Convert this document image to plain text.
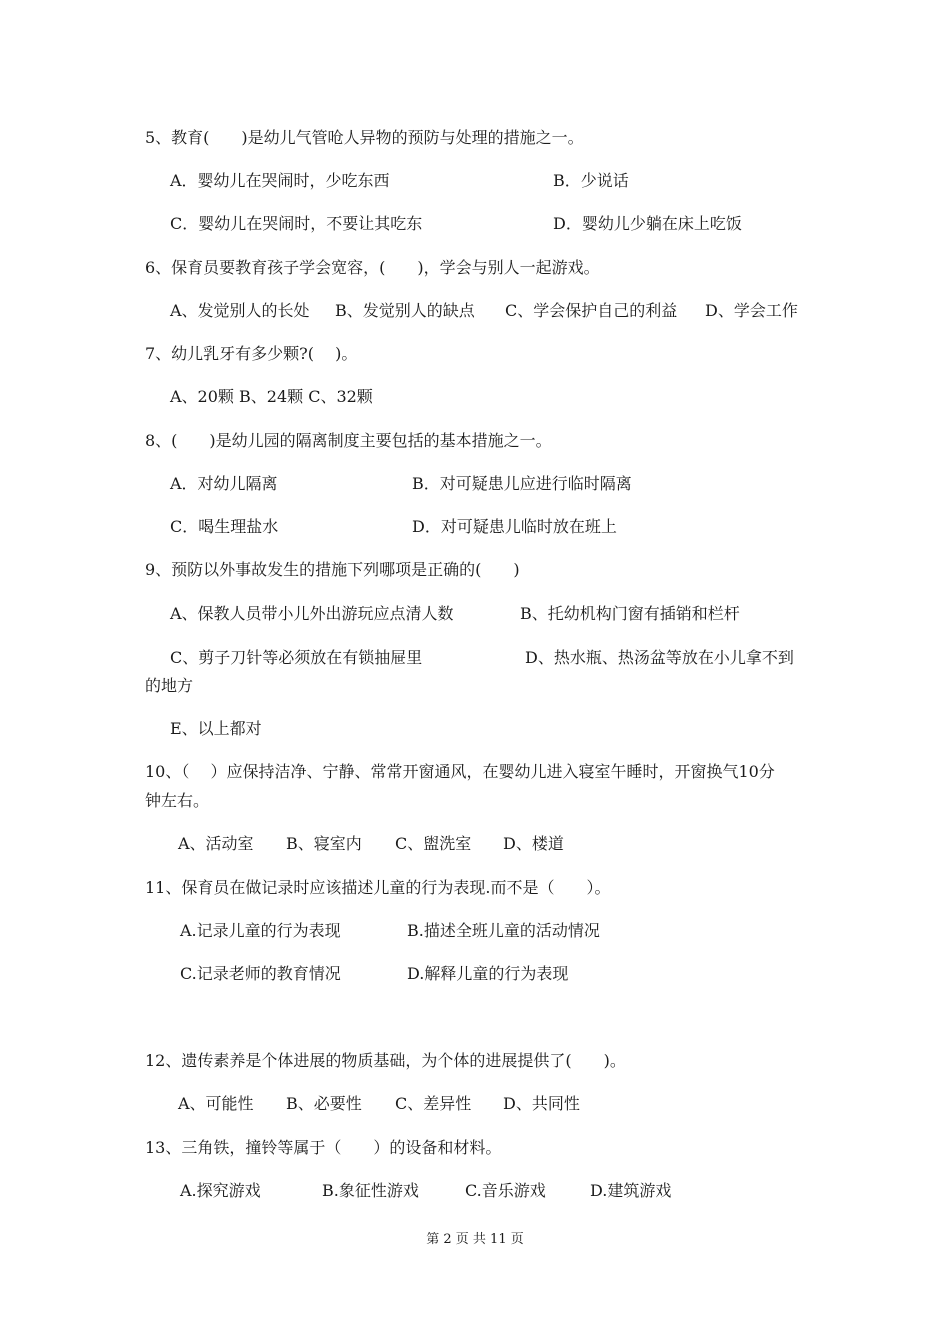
5、教育(　　)是幼儿气管呛人异物的预防与处理的措施之一。
A．婴幼儿在哭闹时，少吃东西	B．少说话
C．婴幼儿在哭闹时，不要让其吃东	D．婴幼儿少躺在床上吃饭
6、保育员要教育孩子学会宽容，(　　)，学会与别人一起游戏。
A、发觉别人的长处 B、发觉别人的缺点 C、学会保护自己的利益 D、学会工作
7、幼儿乳牙有多少颗?(　 )。
A、20颗 B、24颗 C、32颗
8、(　　)是幼儿园的隔离制度主要包括的基本措施之一。
A．对幼儿隔离	B．对可疑患儿应进行临时隔离
C．喝生理盐水	D．对可疑患儿临时放在班上
9、预防以外事故发生的措施下列哪项是正确的(　　)
A、保教人员带小儿外出游玩应点清人数	B、托幼机构门窗有插销和栏杆
C、剪子刀针等必须放在有锁抽屉里	D、热水瓶、热汤盆等放在小儿拿不到
的地方
E、以上都对
10、（　 ）应保持洁净、宁静、常常开窗通风，在婴幼儿进入寝室午睡时，开窗换气10分
钟左右。
A、活动室 B、寝室内 C、盥洗室 D、楼道
11、保育员在做记录时应该描述儿童的行为表现.而不是（　　）。
A.记录儿童的行为表现	B.描述全班儿童的活动情况
C.记录老师的教育情况	D.解释儿童的行为表现
12、遗传素养是个体进展的物质基础，为个体的进展提供了(　　)。
A、可能性 B、必要性 C、差异性 D、共同性
13、三角铁，撞铃等属于（　　）的设备和材料。
A.探究游戏	B.象征性游戏	C.音乐游戏	D.建筑游戏
第 2 页 共 11 页
